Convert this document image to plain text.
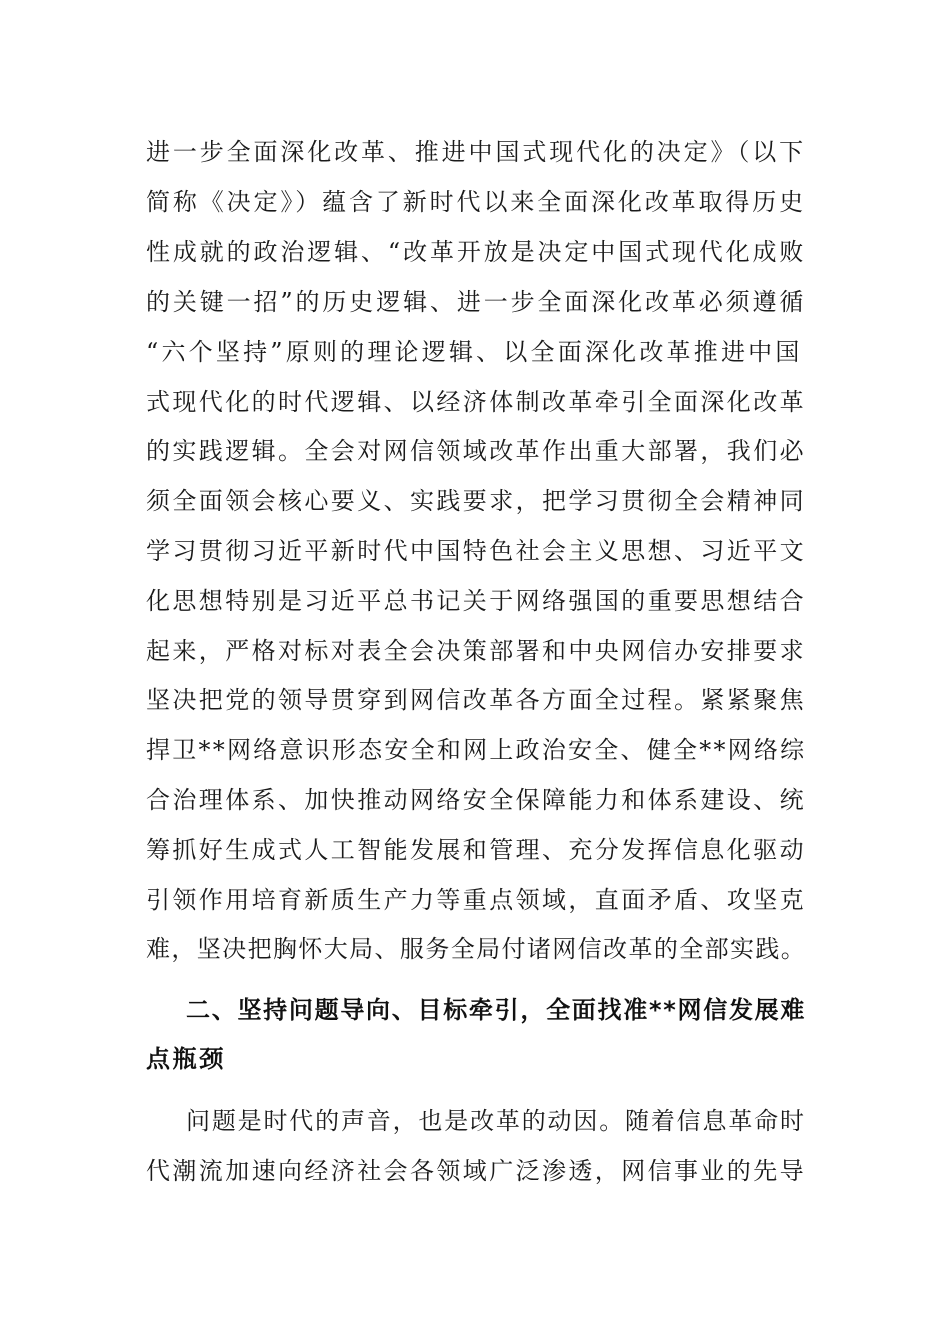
进一步全面深化改革、推进中国式现代化的决定》（以下
简称《决定》）蕴含了新时代以来全面深化改革取得历史
性成就的政治逻辑、“改革开放是决定中国式现代化成败
的关键一招”的历史逻辑、进一步全面深化改革必须遵循
“六个坚持”原则的理论逻辑、以全面深化改革推进中国
式现代化的时代逻辑、以经济体制改革牵引全面深化改革
的实践逻辑。全会对网信领域改革作出重大部署，我们必
须全面领会核心要义、实践要求，把学习贯彻全会精神同
学习贯彻习近平新时代中国特色社会主义思想、习近平文
化思想特别是习近平总书记关于网络强国的重要思想结合
起来，严格对标对表全会决策部署和中央网信办安排要求
坚决把党的领导贯穿到网信改革各方面全过程。紧紧聚焦
捍卫**网络意识形态安全和网上政治安全、健全**网络综
合治理体系、加快推动网络安全保障能力和体系建设、统
筹抓好生成式人工智能发展和管理、充分发挥信息化驱动
引领作用培育新质生产力等重点领域，直面矛盾、攻坚克
难，坚决把胸怀大局、服务全局付诸网信改革的全部实践。
二、坚持问题导向、目标牵引，全面找准**网信发展难
点瓶颈
问题是时代的声音，也是改革的动因。随着信息革命时
代潮流加速向经济社会各领域广泛渗透，网信事业的先导
